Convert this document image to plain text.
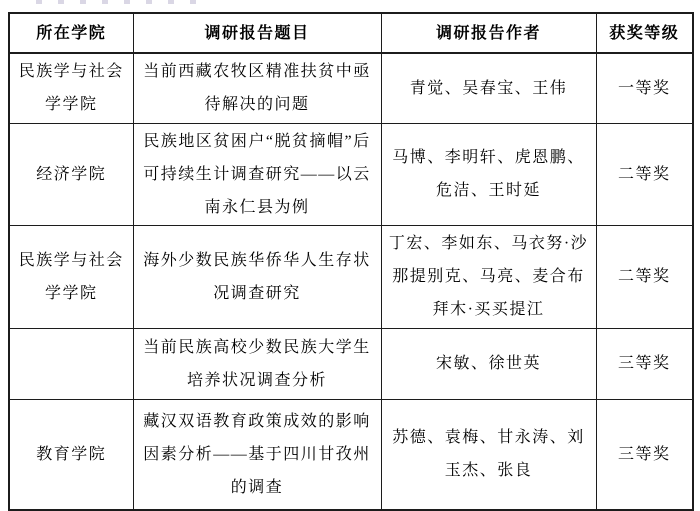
所在学院	调研报告题目	调研报告作者	获奖等级
民族学与社会学学院	当前西藏农牧区精准扶贫中亟待解决的问题	青觉、吴春宝、王伟	一等奖
经济学院	民族地区贫困户“脱贫摘帽”后可持续生计调查研究——以云南永仁县为例	马博、李明轩、虎恩鹏、危洁、王时延	二等奖
民族学与社会学学院	海外少数民族华侨华人生存状况调查研究	丁宏、李如东、马衣努·沙那提别克、马亮、麦合布拜木·买买提江	二等奖
	当前民族高校少数民族大学生培养状况调查分析	宋敏、徐世英	三等奖
教育学院	藏汉双语教育政策成效的影响因素分析——基于四川甘孜州的调查	苏德、袁梅、甘永涛、刘玉杰、张良	三等奖
